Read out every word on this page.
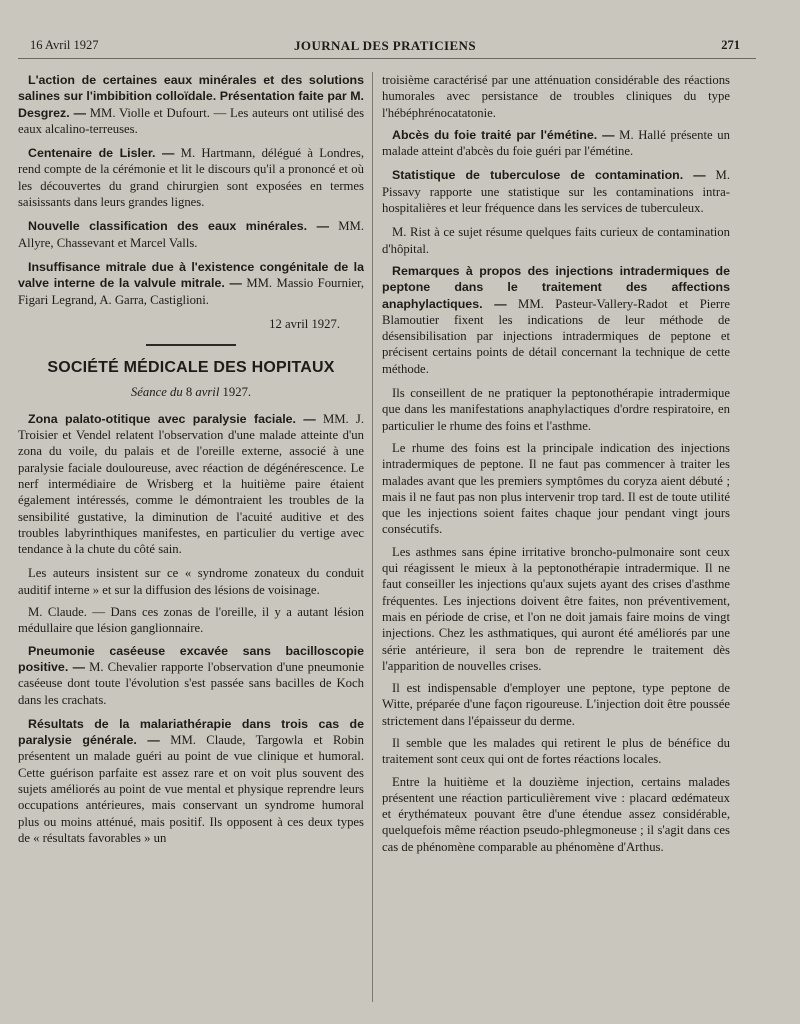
16 Avril 1927	JOURNAL DES PRATICIENS	271

L'action de certaines eaux minérales et des solutions salines sur l'imbibition colloïdale. Présentation faite par M. Desgrez. — MM. Violle et Dufourt. — Les auteurs ont utilisé des eaux alcalino-terreuses.

Centenaire de Lisler. — M. Hartmann, délégué à Londres, rend compte de la cérémonie et lit le discours qu'il a prononcé et où les découvertes du grand chirurgien sont exposées en termes saisissants dans leurs grandes lignes.

Nouvelle classification des eaux minérales. — MM. Allyre, Chassevant et Marcel Valls.

Insuffisance mitrale due à l'existence congénitale de la valve interne de la valvule mitrale. — MM. Massio Fournier, Figari Legrand, A. Garra, Castiglioni.

12 avril 1927.

SOCIÉTÉ MÉDICALE DES HOPITAUX
Séance du 8 avril 1927.

Zona palato-otitique avec paralysie faciale. — MM. J. Troisier et Vendel relatent l'observation d'une malade atteinte d'un zona du voile, du palais et de l'oreille externe, associé à une paralysie faciale douloureuse, avec réaction de dégénérescence. Le nerf intermédiaire de Wrisberg et la huitième paire étaient également intéressés, comme le démontraient les troubles de la sensibilité gustative, la diminution de l'acuité auditive et des troubles labyrinthiques manifestes, en particulier du vertige avec tendance à la chute du côté sain.

Les auteurs insistent sur ce « syndrome zonateux du conduit auditif interne » et sur la diffusion des lésions de voisinage.

M. Claude. — Dans ces zonas de l'oreille, il y a autant lésion médullaire que lésion ganglionnaire.

Pneumonie caséeuse excavée sans bacilloscopie positive. — M. Chevalier rapporte l'observation d'une pneumonie caséeuse dont toute l'évolution s'est passée sans bacilles de Koch dans les crachats.

Résultats de la malariathérapie dans trois cas de paralysie générale. — MM. Claude, Targowla et Robin présentent un malade guéri au point de vue clinique et humoral. Cette guérison parfaite est assez rare et on voit plus souvent des sujets améliorés au point de vue mental et physique reprendre leurs occupations antérieures, mais conservant un syndrome humoral plus ou moins atténué, mais positif. Ils opposent à ces deux types de « résultats favorables » un

troisième caractérisé par une atténuation considérable des réactions humorales avec persistance de troubles cliniques du type l'hébéphrénocatatonie.

Abcès du foie traité par l'émétine. — M. Hallé présente un malade atteint d'abcès du foie guéri par l'émétine.

Statistique de tuberculose de contamination. — M. Pissavy rapporte une statistique sur les contaminations intra-hospitalières et leur fréquence dans les services de tuberculeux.

M. Rist à ce sujet résume quelques faits curieux de contamination d'hôpital.

Remarques à propos des injections intradermiques de peptone dans le traitement des affections anaphylactiques. — MM. Pasteur-Vallery-Radot et Pierre Blamoutier fixent les indications de leur méthode de désensibilisation par injections intradermiques de peptone et précisent certains points de détail concernant la technique de cette méthode.

Ils conseillent de ne pratiquer la peptonothérapie intradermique que dans les manifestations anaphylactiques d'ordre respiratoire, en particulier le rhume des foins et l'asthme.

Le rhume des foins est la principale indication des injections intradermiques de peptone. Il ne faut pas commencer à traiter les malades avant que les premiers symptômes du coryza aient débuté ; mais il ne faut pas non plus intervenir trop tard. Il est de toute utilité que les injections soient faites chaque jour pendant vingt jours consécutifs.

Les asthmes sans épine irritative broncho-pulmonaire sont ceux qui réagissent le mieux à la peptonothérapie intradermique. Il ne faut conseiller les injections qu'aux sujets ayant des crises d'asthme fréquentes. Les injections doivent être faites, non préventivement, mais en période de crise, et l'on ne doit jamais faire moins de vingt injections. Chez les asthmatiques, qui auront été améliorés par une série antérieure, il sera bon de reprendre le traitement dès l'apparition de nouvelles crises.

Il est indispensable d'employer une peptone, type peptone de Witte, préparée d'une façon rigoureuse. L'injection doit être poussée strictement dans l'épaisseur du derme.

Il semble que les malades qui retirent le plus de bénéfice du traitement sont ceux qui ont de fortes réactions locales.

Entre la huitième et la douzième injection, certains malades présentent une réaction particulièrement vive : placard œdémateux et érythémateux pouvant être d'une étendue assez considérable, quelquefois même réaction pseudo-phlegmoneuse ; il s'agit dans ces cas de phénomène comparable au phénomène d'Arthus.
